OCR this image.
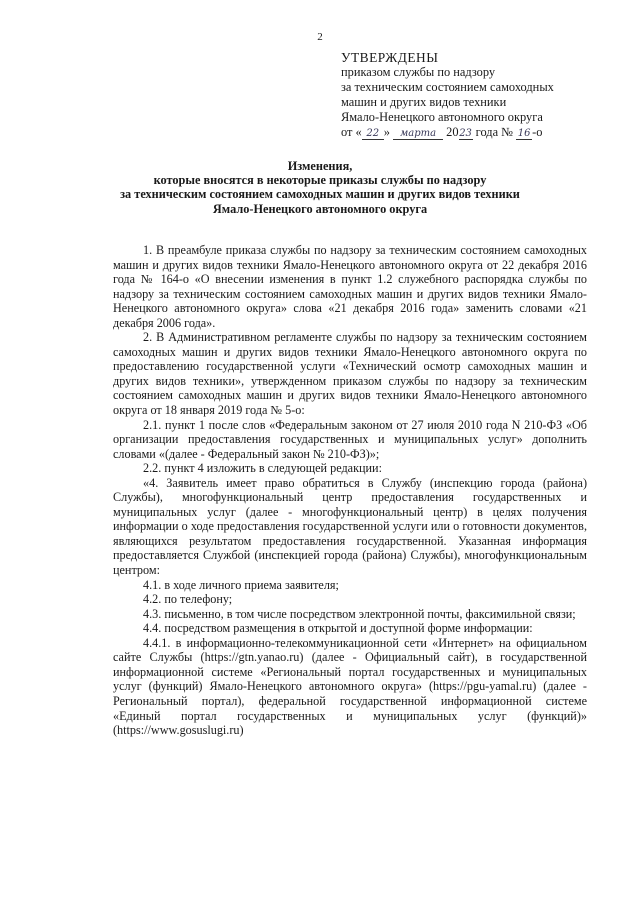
2
УТВЕРЖДЕНЫ
приказом службы по надзору
за техническим состоянием самоходных
машин и других видов техники
Ямало-Ненецкого автономного округа
от « 22 » марта 2023 года № 16 -о
Изменения,
которые вносятся в некоторые приказы службы по надзору
за техническим состоянием самоходных машин и других видов техники
Ямало-Ненецкого автономного округа

1. В преамбуле приказа службы по надзору за техническим состоянием самоходных машин и других видов техники Ямало-Ненецкого автономного округа от 22 декабря 2016 года № 164-о «О внесении изменения в пункт 1.2 служебного распорядка службы по надзору за техническим состоянием самоходных машин и других видов техники Ямало-Ненецкого автономного округа» слова «21 декабря 2016 года» заменить словами «21 декабря 2006 года».

2. В Административном регламенте службы по надзору за техническим состоянием самоходных машин и других видов техники Ямало-Ненецкого автономного округа по предоставлению государственной услуги «Технический осмотр самоходных машин и других видов техники», утвержденном приказом службы по надзору за техническим состоянием самоходных машин и других видов техники Ямало-Ненецкого автономного округа от 18 января 2019 года № 5-о:

2.1. пункт 1 после слов «Федеральным законом от 27 июля 2010 года N 210-ФЗ «Об организации предоставления государственных и муниципальных услуг» дополнить словами «(далее - Федеральный закон № 210-ФЗ)»;

2.2. пункт 4 изложить в следующей редакции:

«4. Заявитель имеет право обратиться в Службу (инспекцию города (района) Службы), многофункциональный центр предоставления государственных и муниципальных услуг (далее - многофункциональный центр) в целях получения информации о ходе предоставления государственной услуги или о готовности документов, являющихся результатом предоставления государственной. Указанная информация предоставляется Службой (инспекцией города (района) Службы), многофункциональным центром:

4.1. в ходе личного приема заявителя;

4.2. по телефону;

4.3. письменно, в том числе посредством электронной почты, факсимильной связи;

4.4. посредством размещения в открытой и доступной форме информации:

4.4.1. в информационно-телекоммуникационной сети «Интернет» на официальном сайте Службы (https://gtn.yanao.ru) (далее - Официальный сайт), в государственной информационной системе «Региональный портал государственных и муниципальных услуг (функций) Ямало-Ненецкого автономного округа» (https://pgu-yamal.ru) (далее - Региональный портал), федеральной государственной информационной системе «Единый портал государственных и муниципальных услуг (функций)» (https://www.gosuslugi.ru)
